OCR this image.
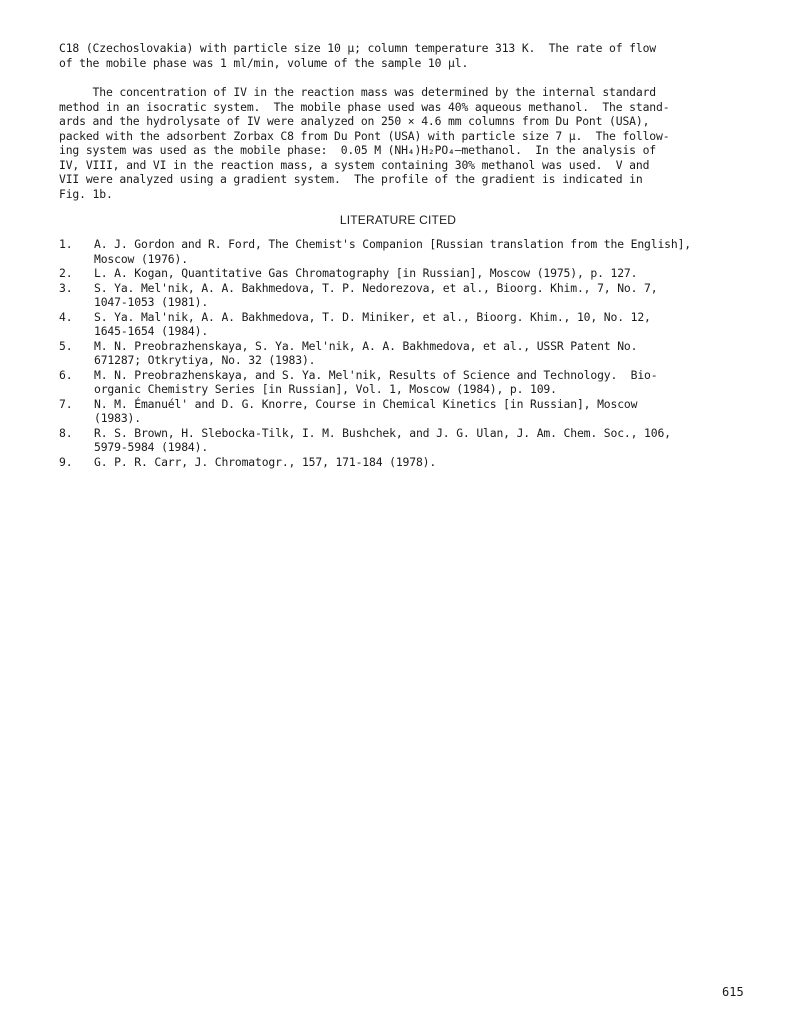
C18 (Czechoslovakia) with particle size 10 μ; column temperature 313 K.  The rate of flow
of the mobile phase was 1 ml/min, volume of the sample 10 μl.
The concentration of IV in the reaction mass was determined by the internal standard
method in an isocratic system.  The mobile phase used was 40% aqueous methanol.  The stand-
ards and the hydrolysate of IV were analyzed on 250 × 4.6 mm columns from Du Pont (USA),
packed with the adsorbent Zorbax C8 from Du Pont (USA) with particle size 7 μ.  The follow-
ing system was used as the mobile phase:  0.05 M (NH₄)H₂PO₄–methanol.  In the analysis of
IV, VIII, and VI in the reaction mass, a system containing 30% methanol was used.  V and
VII were analyzed using a gradient system.  The profile of the gradient is indicated in
Fig. 1b.
LITERATURE CITED
1.	A. J. Gordon and R. Ford, The Chemist's Companion [Russian translation from the English],
Moscow (1976).
2.	L. A. Kogan, Quantitative Gas Chromatography [in Russian], Moscow (1975), p. 127.
3.	S. Ya. Mel'nik, A. A. Bakhmedova, T. P. Nedorezova, et al., Bioorg. Khim., 7, No. 7,
1047-1053 (1981).
4.	S. Ya. Mal'nik, A. A. Bakhmedova, T. D. Miniker, et al., Bioorg. Khim., 10, No. 12,
1645-1654 (1984).
5.	M. N. Preobrazhenskaya, S. Ya. Mel'nik, A. A. Bakhmedova, et al., USSR Patent No.
671287; Otkrytiya, No. 32 (1983).
6.	M. N. Preobrazhenskaya, and S. Ya. Mel'nik, Results of Science and Technology.  Bio-
organic Chemistry Series [in Russian], Vol. 1, Moscow (1984), p. 109.
7.	N. M. Émanuél' and D. G. Knorre, Course in Chemical Kinetics [in Russian], Moscow
(1983).
8.	R. S. Brown, H. Slebocka-Tilk, I. M. Bushchek, and J. G. Ulan, J. Am. Chem. Soc., 106,
5979-5984 (1984).
9.	G. P. R. Carr, J. Chromatogr., 157, 171-184 (1978).
615
